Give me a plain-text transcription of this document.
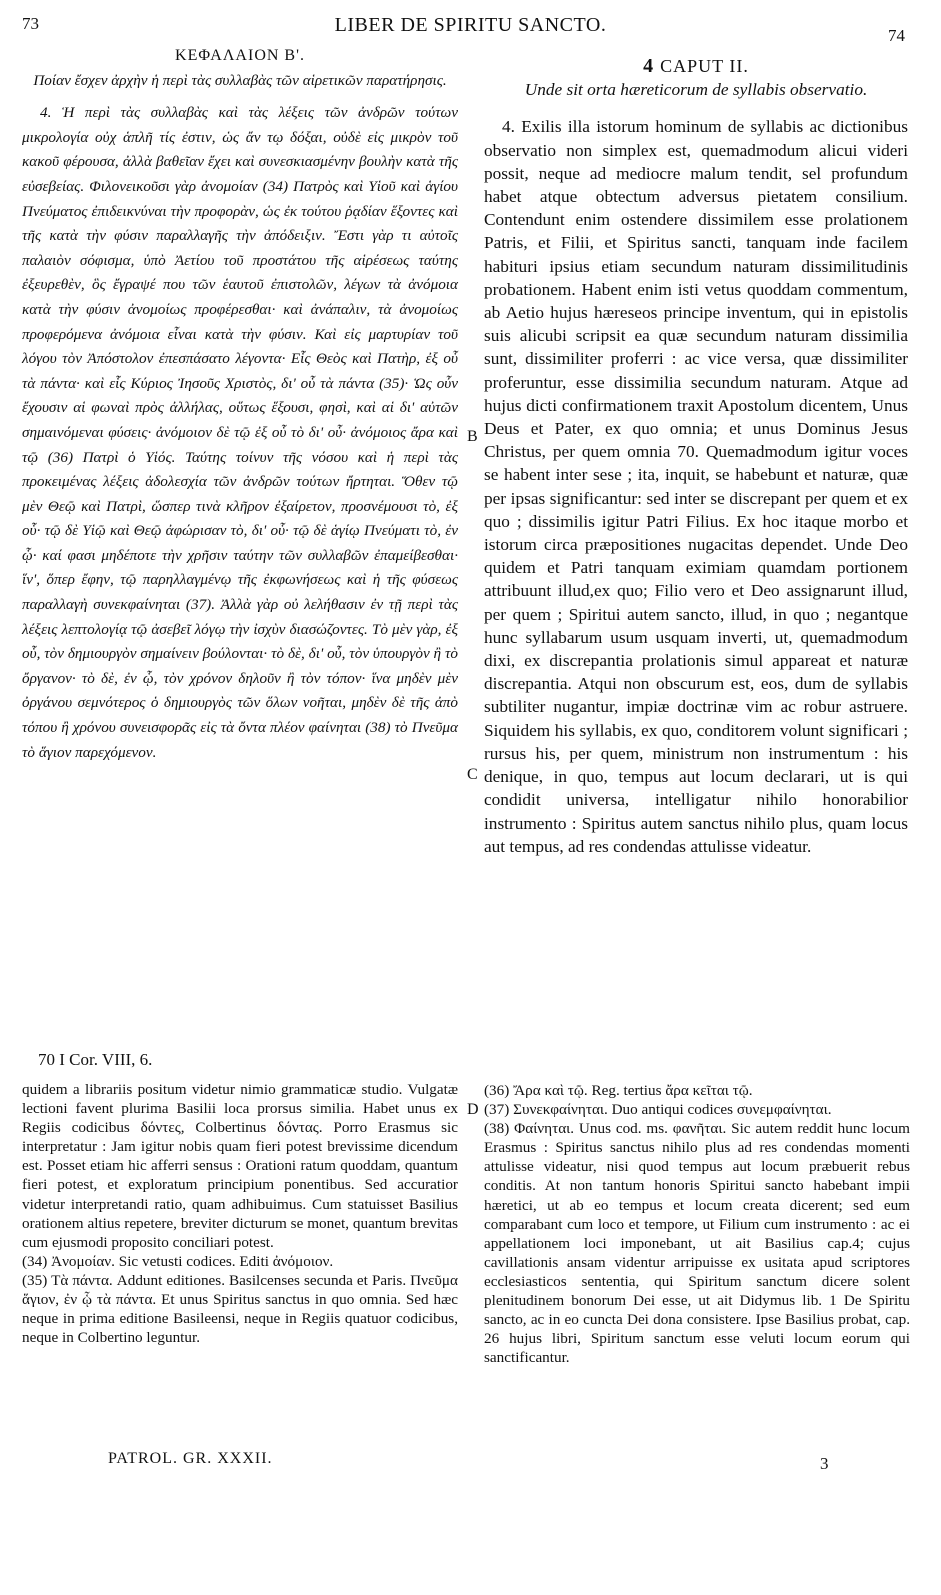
73	LIBER DE SPIRITU SANCTO.	74

ΚΕΦΑΛΑΙΟΝ Β'.

Ποίαν ἔσχεν ἀρχὴν ἡ περὶ τὰς συλλαβὰς τῶν αἱρετικῶν παρατήρησις.

4. Ἡ περὶ τὰς συλλαβὰς καὶ τὰς λέξεις τῶν ἀνδρῶν τούτων μικρολογία οὐχ ἁπλῆ τίς ἐστιν, ὡς ἄν τῳ δόξαι, οὐδὲ εἰς μικρὸν τοῦ κακοῦ φέρουσα, ἀλλὰ βαθεῖαν ἔχει καὶ συνεσκιασμένην βουλὴν κατὰ τῆς εὐσεβείας. Φιλονεικοῦσι γὰρ ἀνομοίαν (34) Πατρὸς καὶ Υἱοῦ καὶ ἁγίου Πνεύματος ἐπιδεικνύναι τὴν προφορὰν, ὡς ἐκ τούτου ῥᾳδίαν ἕξοντες καὶ τῆς κατὰ τὴν φύσιν παραλλαγῆς τὴν ἀπόδειξιν. Ἔστι γὰρ τι αὐτοῖς παλαιὸν σόφισμα, ὑπὸ Ἀετίου τοῦ προστάτου τῆς αἱρέσεως ταύτης ἐξευρεθὲν, ὃς ἔγραψέ που τῶν ἑαυτοῦ ἐπιστολῶν, λέγων τὰ ἀνόμοια κατὰ τὴν φύσιν ἀνομοίως προφέρεσθαι· καὶ ἀνάπαλιν, τὰ ἀνομοίως προφερόμενα ἀνόμοια εἶναι κατὰ τὴν φύσιν. Καὶ εἰς μαρτυρίαν τοῦ λόγου τὸν Ἀπόστολον ἐπεσπάσατο λέγοντα· Εἷς Θεὸς καὶ Πατὴρ, ἐξ οὗ τὰ πάντα· καὶ εἷς Κύριος Ἰησοῦς Χριστὸς, δι' οὗ τὰ πάντα (35)· Ὡς οὖν ἔχουσιν αἱ φωναὶ πρὸς ἀλλήλας, οὕτως ἕξουσι, φησὶ, καὶ αἱ δι' αὐτῶν σημαινόμεναι φύσεις· ἀνόμοιον δὲ τῷ ἐξ οὗ τὸ δι' οὗ· ἀνόμοιος ἄρα καὶ τῷ (36) Πατρὶ ὁ Υἱός. Ταύτης τοίνυν τῆς νόσου καὶ ἡ περὶ τὰς προκειμένας λέξεις ἀδολεσχία τῶν ἀνδρῶν τούτων ἤρτηται. Ὅθεν τῷ μὲν Θεῷ καὶ Πατρὶ, ὥσπερ τινὰ κλῆρον ἐξαίρετον, προσνέμουσι τὸ, ἐξ οὗ· τῷ δὲ Υἱῷ καὶ Θεῷ ἀφώρισαν τὸ, δι' οὗ· τῷ δὲ ἁγίῳ Πνεύματι τὸ, ἐν ᾧ· καί φασι μηδέποτε τὴν χρῆσιν ταύτην τῶν συλλαβῶν ἐπαμείβεσθαι· ἵν', ὅπερ ἔφην, τῷ παρηλλαγμένῳ τῆς ἐκφωνήσεως καὶ ἡ τῆς φύσεως παραλλαγὴ συνεκφαίνηται (37). Ἀλλὰ γὰρ οὐ λελήθασιν ἐν τῇ περὶ τὰς λέξεις λεπτολογίᾳ τῷ ἀσεβεῖ λόγῳ τὴν ἰσχὺν διασώζοντες. Τὸ μὲν γὰρ, ἐξ οὗ, τὸν δημιουργὸν σημαίνειν βούλονται· τὸ δὲ, δι' οὗ, τὸν ὑπουργὸν ἢ τὸ ὄργανον· τὸ δὲ, ἐν ᾧ, τὸν χρόνον δηλοῦν ἢ τὸν τόπον· ἵνα μηδὲν μὲν ὀργάνου σεμνότερος ὁ δημιουργὸς τῶν ὅλων νοῆται, μηδὲν δὲ τῆς ἀπὸ τόπου ἢ χρόνου συνεισφορᾶς εἰς τὰ ὄντα πλέον φαίνηται (38) τὸ Πνεῦμα τὸ ἅγιον παρεχόμενον.

4 CAPUT II.

Unde sit orta hæreticorum de syllabis observatio.

4. Exilis illa istorum hominum de syllabis ac dictionibus observatio non simplex est, quemadmodum alicui videri possit, neque ad mediocre malum tendit, sel profundum habet atque obtectum adversus pietatem consilium. Contendunt enim ostendere dissimilem esse prolationem Patris, et Filii, et Spiritus sancti, tanquam inde facilem habituri ipsius etiam secundum naturam dissimilitudinis probationem. Habent enim isti vetus quoddam commentum, ab Aetio hujus hæreseos principe inventum, qui in epistolis suis alicubi scripsit ea quæ secundum naturam dissimilia sunt, dissimiliter proferri : ac vice versa, quæ dissimiliter proferuntur, esse dissimilia secundum naturam. Atque ad hujus dicti confirmationem traxit Apostolum dicentem, Unus Deus et Pater, ex quo omnia; et unus Dominus Jesus Christus, per quem omnia 70. Quemadmodum igitur voces se habent inter sese ; ita, inquit, se habebunt et naturæ, quæ per ipsas significantur: sed inter se discrepant per quem et ex quo ; dissimilis igitur Patri Filius. Ex hoc itaque morbo et istorum circa præpositiones nugacitas dependet. Unde Deo quidem et Patri tanquam eximiam quamdam portionem attribuunt illud,ex quo; Filio vero et Deo assignarunt illud, per quem ; Spiritui autem sancto, illud, in quo ; negantque hunc syllabarum usum usquam inverti, ut, quemadmodum dixi, ex discrepantia prolationis simul appareat et naturæ discrepantia. Atqui non obscurum est, eos, dum de syllabis subtiliter nugantur, impiæ doctrinæ vim ac robur astruere. Siquidem his syllabis, ex quo, conditorem volunt significari ; rursus his, per quem, ministrum non instrumentum : his denique, in quo, tempus aut locum declarari, ut is qui condidit universa, intelligatur nihilo honorabilior instrumento : Spiritus autem sanctus nihilo plus, quam locus aut tempus, ad res condendas attulisse videatur.

B
C
D
70 I Cor. VIII, 6.

quidem a librariis positum videtur nimio grammaticæ studio. Vulgatæ lectioni favent plurima Basilii loca prorsus similia. Habet unus ex Regiis codicibus δόντες, Colbertinus δόντας. Porro Erasmus sic interpretatur : Jam igitur nobis quam fieri potest brevissime dicendum est. Posset etiam hic afferri sensus : Orationi ratum quoddam, quantum fieri potest, et exploratum principium ponentibus. Sed accuratior videtur interpretandi ratio, quam adhibuimus. Cum statuisset Basilius orationem altius repetere, breviter dicturum se monet, quantum brevitas cum ejusmodi proposito conciliari potest.

(34) Ἀνομοίαν. Sic vetusti codices. Editi ἀνόμοιον.

(35) Τὰ πάντα. Addunt editiones. Basilcenses secunda et Paris. Πνεῦμα ἅγιον, ἐν ᾧ τὰ πάντα. Et unus Spiritus sanctus in quo omnia. Sed hæc neque in prima editione Basileensi, neque in Regiis quatuor codicibus, neque in Colbertino leguntur.

(36) Ἄρα καὶ τῷ. Reg. tertius ἄρα κεῖται τῷ.

(37) Συνεκφαίνηται. Duo antiqui codices συνεμφαίνηται.

(38) Φαίνηται. Unus cod. ms. φανῆται. Sic autem reddit hunc locum Erasmus : Spiritus sanctus nihilo plus ad res condendas momenti attulisse videatur, nisi quod tempus aut locum præbuerit rebus conditis. At non tantum honoris Spiritui sancto habebant impii hæretici, ut ab eo tempus et locum creata dicerent; sed eum comparabant cum loco et tempore, ut Filium cum instrumento : ac ei appellationem loci imponebant, ut ait Basilius cap.4; cujus cavillationis ansam videntur arripuisse ex usitata apud scriptores ecclesiasticos sententia, qui Spiritum sanctum dicere solent plenitudinem bonorum Dei esse, ut ait Didymus lib. 1 De Spiritu sancto, ac in eo cuncta Dei dona consistere. Ipse Basilius probat, cap. 26 hujus libri, Spiritum sanctum esse veluti locum eorum qui sanctificantur.

PATROL. GR. XXXII.	3
